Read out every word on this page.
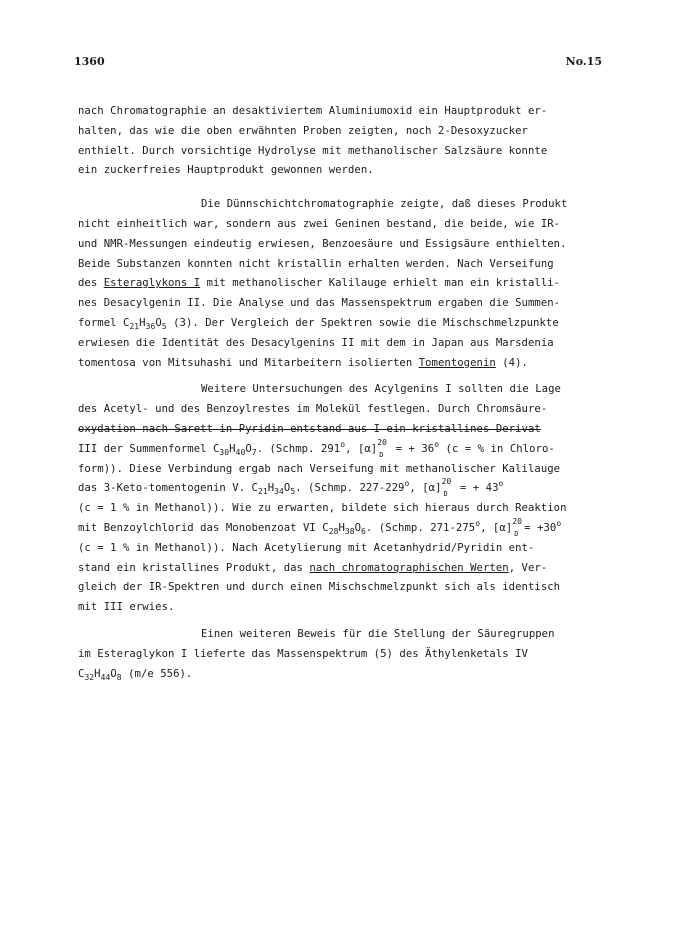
1360	No.15
nach Chromatographie an desaktiviertem Aluminiumoxid ein Hauptprodukt er-
halten, das wie die oben erwähnten Proben zeigten, noch 2-Desoxyzucker
enthielt. Durch vorsichtige Hydrolyse mit methanolischer Salzsäure konnte
ein zuckerfreies Hauptprodukt gewonnen werden.
Die Dünnschichtchromatographie zeigte, daß dieses Produkt
nicht einheitlich war, sondern aus zwei Geninen bestand, die beide, wie IR-
und NMR-Messungen eindeutig erwiesen, Benzoesäure und Essigsäure enthielten.
Beide Substanzen konnten nicht kristallin erhalten werden. Nach Verseifung
des Esteraglykons I mit methanolischer Kalilauge erhielt man ein kristalli-
nes Desacylgenin II. Die Analyse und das Massenspektrum ergaben die Summen-
formel $C_{21}H_{36}O_5$ (3). Der Vergleich der Spektren sowie die Mischschmelzpunkte
erwiesen die Identität des Desacylgenins II mit dem in Japan aus Marsdenia
tomentosa von Mitsuhashi und Mitarbeitern isolierten Tomentogenin (4).
Weitere Untersuchungen des Acylgenins I sollten die Lage
des Acetyl- und des Benzoylrestes im Molekül festlegen. Durch Chromsäure-
oxydation nach Sarett in Pyridin entstand aus I ein kristallines Derivat
III der Summenformel $C_{30}H_{40}O_7$. (Schmp. 291$^o$, [α]
20
D = + $36^o$ (c = % in Chloro-
form)). Diese Verbindung ergab nach Verseifung mit methanolischer Kalilauge
das 3-Keto-tomentogenin V. $C_{21}H_{34}O_5$. (Schmp. 227-229$^o$, [α]
20
D = + $43^o$
(c = 1 % in Methanol)). Wie zu erwarten, bildete sich hieraus durch Reaktion
mit Benzoylchlorid das Monobenzoat VI $C_{28}H_{38}O_6$. (Schmp. 271-275$^o$, [α]
20
$D = +30^o$
(c = 1 % in Methanol)). Nach Acetylierung mit Acetanhydrid/Pyridin ent-
stand ein kristallines Produkt, das nach chromatographischen Werten, Ver-
gleich der IR-Spektren und durch einen Mischschmelzpunkt sich als identisch
mit III erwies.
Einen weiteren Beweis für die Stellung der Säuregruppen
im Esteraglykon I lieferte das Massenspektrum (5) des Äthylenketals IV
$C_{32}H_{44}O_8$ (m/e 556).
